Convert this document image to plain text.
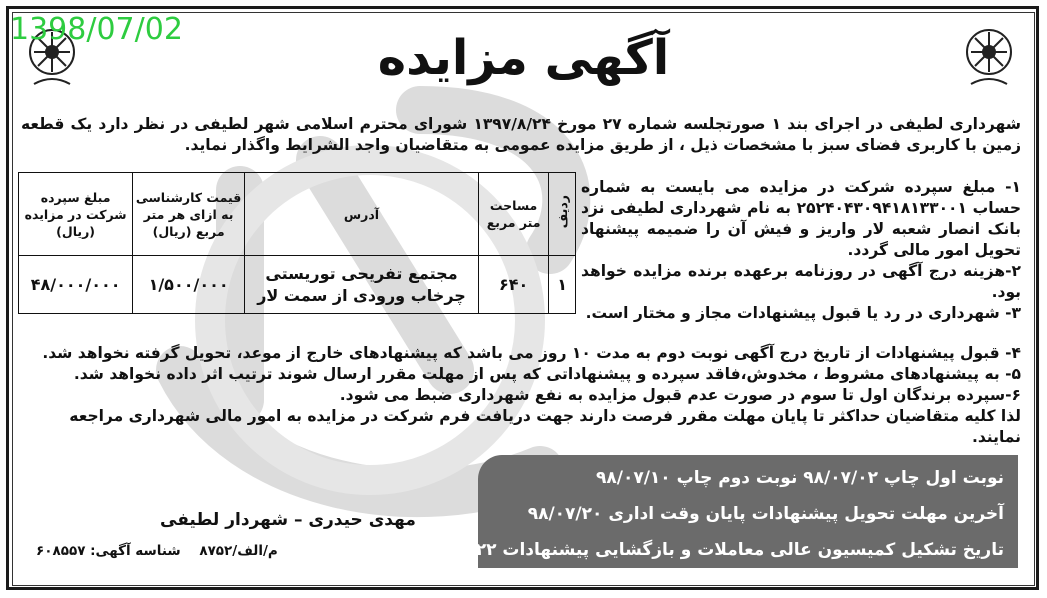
1398/07/02
آگهی مزایده
شهرداری لطیفی در اجرای بند ۱ صورتجلسه شماره ۲۷ مورخ ۱۳۹۷/۸/۲۴ شورای محترم اسلامی شهر لطیفی در نظر دارد یک قطعه زمین با کاربری فضای سبز با مشخصات ذیل ، از طریق مزایده عمومی به متقاضیان واجد الشرایط واگذار نماید.

۱- مبلغ سپرده شرکت در مزایده می بایست به شماره حساب ۲۵۲۴۰۴۳۰۹۴۱۸۱۳۳۰۰۱ به نام شهرداری لطیفی نزد بانک انصار شعبه لار واریز و فیش آن را ضمیمه پیشنهاد تحویل امور مالی گردد.

۲-هزینه درج آگهی در روزنامه برعهده برنده مزایده خواهد بود.

۳- شهرداری در رد یا قبول پیشنهادات مجاز و مختار است.

ردیف	مساحت متر مربع	آدرس	قیمت کارشناسی به ازای هر متر مربع (ریال)	مبلغ سپرده شرکت در مزایده (ریال)
۱	۶۴۰	مجتمع تفریحی توریستی چرخاب ورودی از سمت لار	۱/۵۰۰/۰۰۰	۴۸/۰۰۰/۰۰۰

۴- قبول پیشنهادات از تاریخ درج آگهی نوبت دوم به مدت ۱۰ روز می باشد که پیشنهادهای خارج از موعد، تحویل گرفته نخواهد شد.

۵- به پیشنهادهای مشروط ، مخدوش،فاقد سپرده و پیشنهاداتی که پس از مهلت مقرر ارسال شوند ترتیب اثر داده نخواهد شد.

۶-سپرده برندگان اول تا سوم در صورت عدم قبول مزایده به نفع شهرداری ضبط می شود.

لذا کلیه متقاضیان حداکثر تا پایان مهلت مقرر فرصت دارند جهت دریافت فرم شرکت در مزایده به امور مالی شهرداری مراجعه نمایند.

نوبت اول چاپ ۹۸/۰۷/۰۲ نوبت دوم چاپ ۹۸/۰۷/۱۰
آخرین مهلت تحویل پیشنهادات پایان وقت اداری ۹۸/۰۷/۲۰
تاریخ تشکیل کمیسیون عالی معاملات و بازگشایی پیشنهادات ۹۸/۰۷/۲۲
مهدی حیدری – شهردار لطیفی
م/الف/۸۷۵۲ شناسه آگهی: ۶۰۸۵۵۷
